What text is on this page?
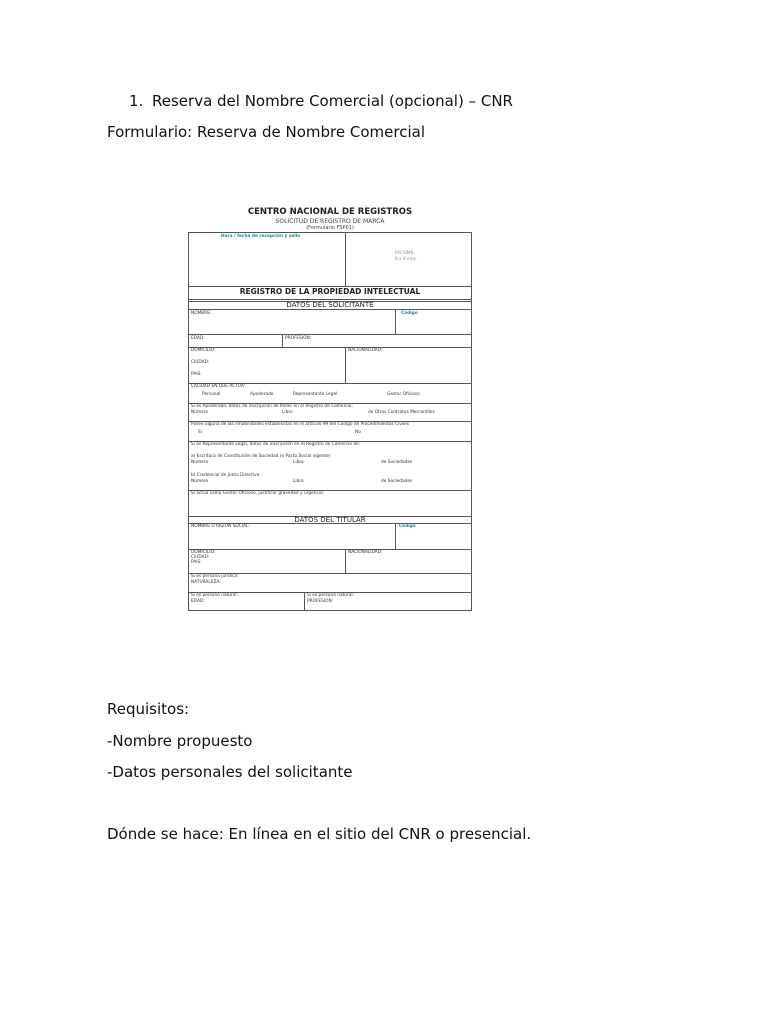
1. Reserva del Nombre Comercial (opcional) – CNR
Formulario: Reserva de Nombre Comercial
CENTRO NACIONAL DE REGISTROS
SOLICITUD DE REGISTRO DE MARCA
(Formulario FSP01)
Hora / fecha de recepción y sello
FACSIMIL
8 x 8 cms.
REGISTRO DE LA PROPIEDAD INTELECTUAL
DATOS DEL SOLICITANTE
NOMBRE:	Código
EDAD:	PROFESION:
DOMICILIO:
CIUDAD:
PAIS:
NACIONALIDAD:
CALIDAD EN QUE ACTUA:
Personal	Apoderado	Representante Legal	Gestor Oficioso
Si es Apoderado, datos de inscripción de Poder en el Registro de Comercio:
Número	Libro	de Otros Contratos Mercantiles
Posee alguna de las inhabilidades establecidas en el artículo 99 del Código de Procedimientos Civiles
Si	No
Si es Representante Legal, datos de inscripción en el Registro de Comercio de:
a) Escritura de Constitución de Sociedad (o Pacto Social vigente)
Número	Libro	de Sociedades
b) Credencial de Junta Directiva
Número	Libro	de Sociedades
Si actúa como Gestor Oficioso, justificar gravedad y urgencia:
DATOS DEL TITULAR
NOMBRE O RAZON SOCIAL:	Código
DOMICILIO:
CIUDAD:
PAIS:
NACIONALIDAD:
Si es persona jurídica:
NATURALEZA:
Si es persona natural:
EDAD:
Si es persona natural:
PROFESION:
Requisitos:
-Nombre propuesto
-Datos personales del solicitante
Dónde se hace: En línea en el sitio del CNR o presencial.
